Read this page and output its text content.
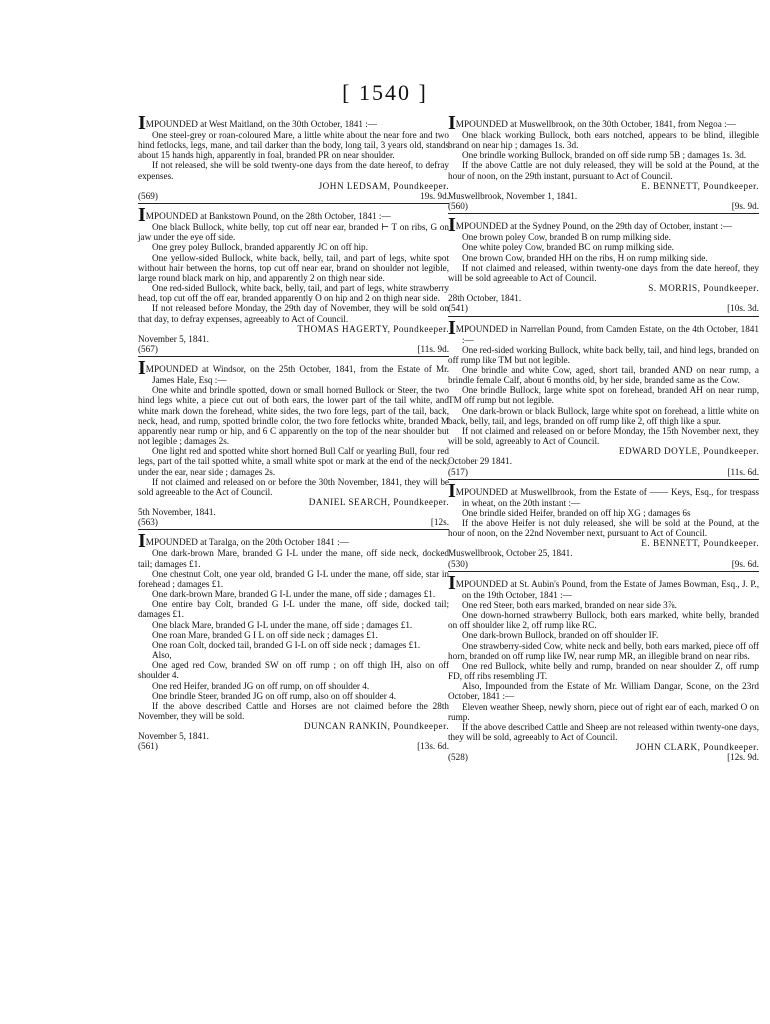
[ 1540 ]
IMPOUNDED at West Maitland, on the 30th October, 1841 :—

One steel-grey or roan-coloured Mare, a little white about the near fore and two hind fetlocks, legs, mane, and tail darker than the body, long tail, 3 years old, stands about 15 hands high, apparently in foal, branded PR on near shoulder.

If not released, she will be sold twenty-one days from the date hereof, to defray expenses.

JOHN LEDSAM, Poundkeeper.
(569)	19s. 9d.
IMPOUNDED at Bankstown Pound, on the 28th October, 1841 :—

One black Bullock, white belly, top cut off near ear, branded ⊢ T on ribs, G on jaw under the eye off side.

One grey poley Bullock, branded apparently JC on off hip.

One yellow-sided Bullock, white back, belly, tail, and part of legs, white spot without hair between the horns, top cut off near ear, brand on shoulder not legible, large round black mark on hip, and apparently 2 on thigh near side.

One red-sided Bullock, white back, belly, tail, and part of legs, white strawberry head, top cut off the off ear, branded apparently O on hip and 2 on thigh near side.

If not released before Monday, the 29th day of November, they will be sold on that day, to defray expenses, agreeably to Act of Council.

THOMAS HAGERTY, Poundkeeper.
November 5, 1841.
(567)	[11s. 9d.
IMPOUNDED at Windsor, on the 25th October, 1841, from the Estate of Mr. James Hale, Esq :—

One white and brindle spotted, down or small horned Bullock or Steer, the two hind legs white, a piece cut out of both ears, the lower part of the tail white, and white mark down the forehead, white sides, the two fore legs, part of the tail, back, neck, head, and rump, spotted brindle color, the two fore fetlocks white, branded M apparently near rump or hip, and 6 C apparently on the top of the near shoulder but not legible ; damages 2s.

One light red and spotted white short horned Bull Calf or yearling Bull, four red legs, part of the tail spotted white, a small white spot or mark at the end of the neck, under the ear, near side ; damages 2s.

If not claimed and released on or before the 30th November, 1841, they will be sold agreeable to the Act of Council.

DANIEL SEARCH, Poundkeeper.
5th November, 1841.
(563)	[12s.
IMPOUNDED at Taralga, on the 20th October 1841 :—

One dark-brown Mare, branded G I-L under the mane, off side neck, docked tail; damages £1.

One chestnut Colt, one year old, branded G I-L under the mane, off side, star in forehead ; damages £1.

One dark-brown Mare, branded G I-L under the mane, off side ; damages £1.

One entire bay Colt, branded G I-L under the mane, off side, docked tail; damages £1.

One black Mare, branded G I-L under the mane, off side ; damages £1.

One roan Mare, branded G I L on off side neck ; damages £1.

One roan Colt, docked tail, branded G I-L on off side neck ; damages £1.

Also,

One aged red Cow, branded SW on off rump ; on off thigh IH, also on off shoulder 4.

One red Heifer, branded JG on off rump, on off shoulder 4.

One brindle Steer, branded JG on off rump, also on off shoulder 4.

If the above described Cattle and Horses are not claimed before the 28th November, they will be sold.

DUNCAN RANKIN, Poundkeeper.
November 5, 1841.
(561)	[13s. 6d.
IMPOUNDED at Muswellbrook, on the 30th October, 1841, from Negoa :—

One black working Bullock, both ears notched, appears to be blind, illegible brand on near hip ; damages 1s. 3d.

One brindle working Bullock, branded on off side rump 5B ; damages 1s. 3d.

If the above Cattle are not duly released, they will be sold at the Pound, at the hour of noon, on the 29th instant, pursuant to Act of Council.

E. BENNETT, Poundkeeper.
Muswellbrook, November 1, 1841.
(560)	[9s. 9d.
IMPOUNDED at the Sydney Pound, on the 29th day of October, instant :—

One brown poley Cow, branded B on rump milking side.

One white poley Cow, branded BC on rump milking side.

One brown Cow, branded HH on the ribs, H on rump milking side.

If not claimed and released, within twenty-one days from the date hereof, they will be sold agreeable to Act of Council.

S. MORRIS, Poundkeeper.
28th October, 1841.
(541)	[10s. 3d.
IMPOUNDED in Narrellan Pound, from Camden Estate, on the 4th October, 1841 :—

One red-sided working Bullock, white back belly, tail, and hind legs, branded on off rump like TM but not legible.

One brindle and white Cow, aged, short tail, branded AND on near rump, a brindle female Calf, about 6 months old, by her side, branded same as the Cow.

One brindle Bullock, large white spot on forehead, branded AH on near rump, TM off rump but not legible.

One dark-brown or black Bullock, large white spot on forehead, a little white on back, belly, tail, and legs, branded on off rump like 2, off thigh like a spur.

If not claimed and released on or before Monday, the 15th November next, they will be sold, agreeably to Act of Council.

EDWARD DOYLE, Poundkeeper.
October 29 1841.
(517)	[11s. 6d.
IMPOUNDED at Muswellbrook, from the Estate of —— Keys, Esq., for trespass in wheat, on the 20th instant :—

One brindle sided Heifer, branded on off hip XG ; damages 6s

If the above Heifer is not duly released, she will be sold at the Pound, at the hour of noon, on the 22nd November next, pursuant to Act of Council.

E. BENNETT, Poundkeeper.
Muswellbrook, October 25, 1841.
(530)	[9s. 6d.
IMPOUNDED at St. Aubin's Pound, from the Estate of James Bowman, Esq., J. P., on the 19th October, 1841 :—

One red Steer, both ears marked, branded on near side 3⅞.

One down-horned strawberry Bullock, both ears marked, white belly, branded on off shoulder like 2, off rump like RC.

One dark-brown Bullock, branded on off shoulder IF.

One strawberry-sided Cow, white neck and belly, both ears marked, piece off off horn, branded on off rump like IW, near rump MR, an illegible brand on near ribs.

One red Bullock, white belly and rump, branded on near shoulder Z, off rump FD, off ribs resembling JT.

Also, Impounded from the Estate of Mr. William Dangar, Scone, on the 23rd October, 1841 :—

Eleven weather Sheep, newly shorn, piece out of right ear of each, marked O on rump.

If the above described Cattle and Sheep are not released within twenty-one days, they will be sold, agreeably to Act of Council.

JOHN CLARK, Poundkeeper.
(528)	[12s. 9d.
